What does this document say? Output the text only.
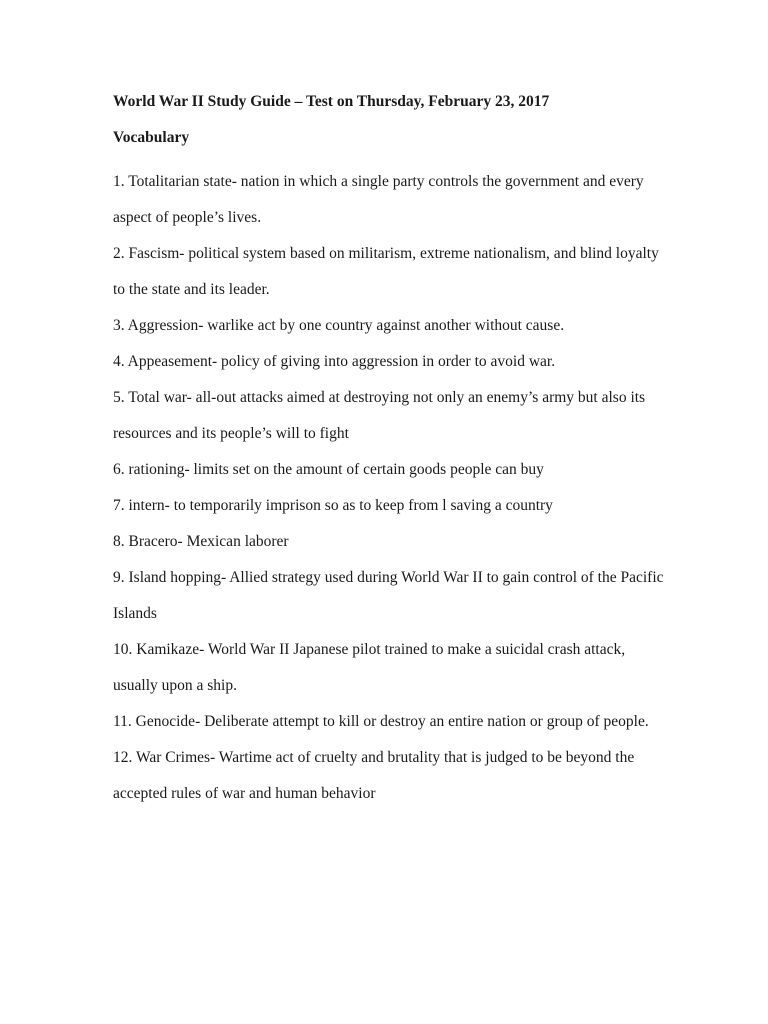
World War II Study Guide – Test on Thursday, February 23, 2017
Vocabulary
1. Totalitarian state- nation in which a single party controls the government and every
aspect of people’s lives.
2. Fascism- political system based on militarism, extreme nationalism, and blind loyalty
to the state and its leader.
3. Aggression- warlike act by one country against another without cause.
4. Appeasement- policy of giving into aggression in order to avoid war.
5. Total war- all-out attacks aimed at destroying not only an enemy’s army but also its
resources and its people’s will to fight
6. rationing- limits set on the amount of certain goods people can buy
7. intern- to temporarily imprison so as to keep from l saving a country
8. Bracero- Mexican laborer
9. Island hopping- Allied strategy used during World War II to gain control of the Pacific
Islands
10. Kamikaze- World War II Japanese pilot trained to make a suicidal crash attack,
usually upon a ship.
11. Genocide- Deliberate attempt to kill or destroy an entire nation or group of people.
12. War Crimes- Wartime act of cruelty and brutality that is judged to be beyond the
accepted rules of war and human behavior
